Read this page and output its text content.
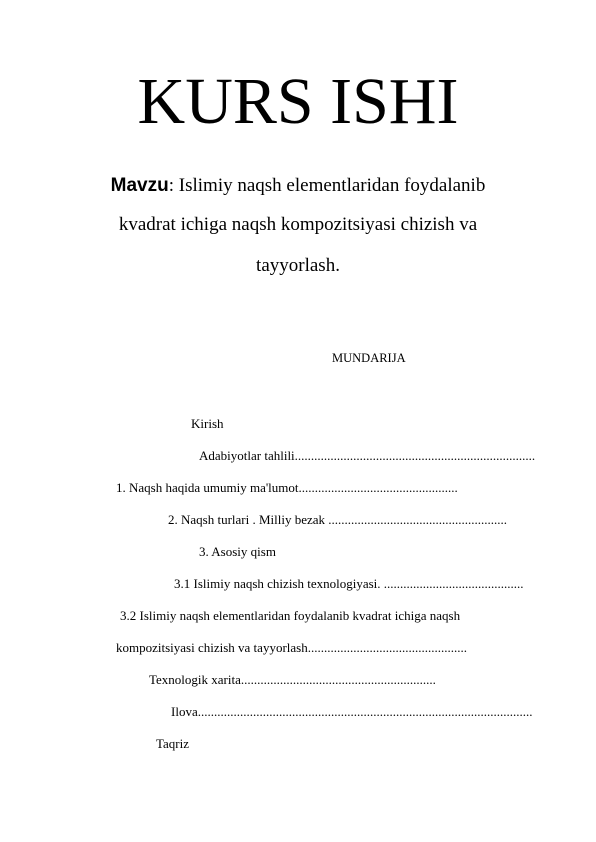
KURS ISHI
Mavzu: Islimiy naqsh elementlaridan foydalanib
kvadrat ichiga naqsh kompozitsiyasi chizish va
tayyorlash.
MUNDARIJA
Kirish
Adabiyotlar tahlili..........................................................................
1. Naqsh haqida umumiy ma'lumot.................................................
2. Naqsh turlari . Milliy bezak .......................................................
3. Asosiy qism
3.1 Islimiy naqsh chizish texnologiyasi. ...........................................
3.2 Islimiy naqsh elementlaridan foydalanib kvadrat ichiga naqsh
kompozitsiyasi chizish va tayyorlash.................................................
Texnologik xarita............................................................
Ilova.......................................................................................................
Taqriz
